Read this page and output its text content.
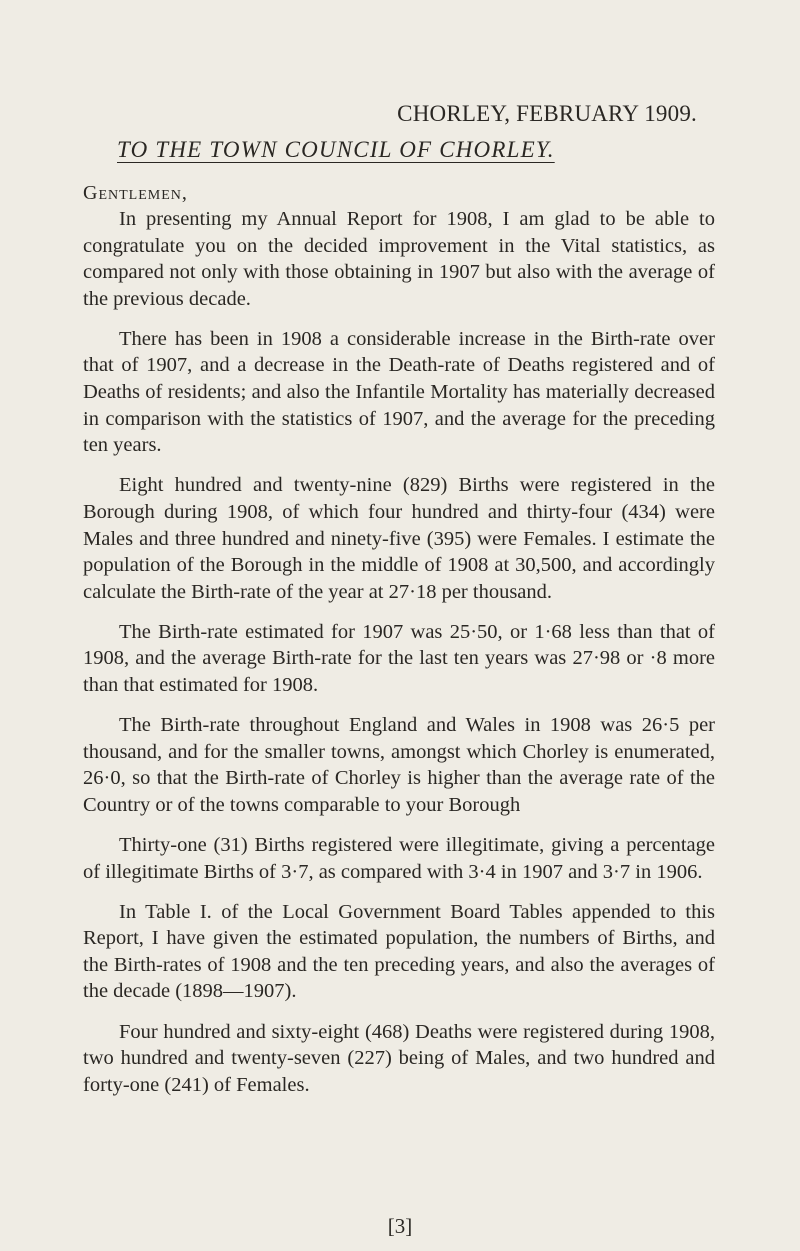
CHORLEY, FEBRUARY 1909.
TO THE TOWN COUNCIL OF CHORLEY.
Gentlemen,

In presenting my Annual Report for 1908, I am glad to be able to congratulate you on the decided improvement in the Vital statistics, as compared not only with those obtaining in 1907 but also with the average of the previous decade.

There has been in 1908 a considerable increase in the Birth-rate over that of 1907, and a decrease in the Death-rate of Deaths registered and of Deaths of residents; and also the Infantile Mortality has materially decreased in comparison with the statistics of 1907, and the average for the preceding ten years.

Eight hundred and twenty-nine (829) Births were registered in the Borough during 1908, of which four hundred and thirty-four (434) were Males and three hundred and ninety-five (395) were Females. I estimate the population of the Borough in the middle of 1908 at 30,500, and accordingly calculate the Birth-rate of the year at 27·18 per thousand.

The Birth-rate estimated for 1907 was 25·50, or 1·68 less than that of 1908, and the average Birth-rate for the last ten years was 27·98 or ·8 more than that estimated for 1908.

The Birth-rate throughout England and Wales in 1908 was 26·5 per thousand, and for the smaller towns, amongst which Chorley is enumerated, 26·0, so that the Birth-rate of Chorley is higher than the average rate of the Country or of the towns comparable to your Borough

Thirty-one (31) Births registered were illegitimate, giving a percentage of illegitimate Births of 3·7, as compared with 3·4 in 1907 and 3·7 in 1906.

In Table I. of the Local Government Board Tables appended to this Report, I have given the estimated population, the numbers of Births, and the Birth-rates of 1908 and the ten preceding years, and also the averages of the decade (1898—1907).

Four hundred and sixty-eight (468) Deaths were registered during 1908, two hundred and twenty-seven (227) being of Males, and two hundred and forty-one (241) of Females.

[3]
